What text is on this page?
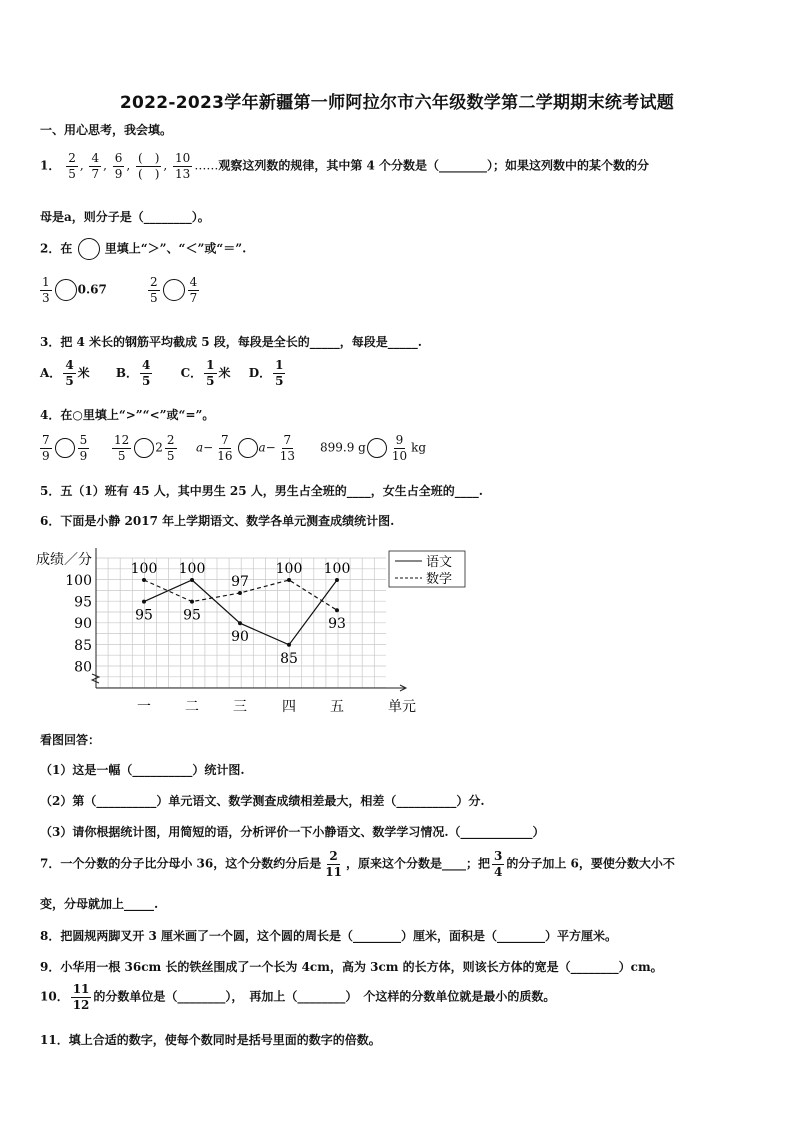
2022-2023学年新疆第一师阿拉尔市六年级数学第二学期期末统考试题
一、用心思考，我会填。
1． $\frac{2}{5}$ , $\frac{4}{7}$ , $\frac{6}{9}$ , $\frac{( )}{( )}$ , $\frac{10}{13}$ ……观察这列数的规律，其中第 4 个分数是（________）；如果这列数中的某个数的分
母是a，则分子是（________）。
2．在	里填上“＞”、“＜”或“＝”.
$\frac{1}{3} 0.67$	$\frac{2}{5} \frac{4}{7}$
3．把 4 米长的钢筋平均截成 5 段，每段是全长的_____，每段是_____.
A． $\frac{4}{5}$ 米 B． $\frac{4}{5}$ C． $\frac{1}{5}$ 米 D． $\frac{1}{5}$
4．在○里填上“>”“<”或“=”。
$\frac{7}{9} \frac{5}{9} \frac{12}{5} 2 \frac{2}{5} a- \frac{7}{16} a- \frac{7}{13} 899.9$ g $\frac{9}{10}$ kg
5．五（1）班有 45 人，其中男生 25 人，男生占全班的____，女生占全班的____.
6．下面是小静 2017 年上学期语文、数学各单元测查成绩统计图.
成绩／分
100
95
90
85
80
一 二 三	四 五	单元
95
100
90
85
100
100
95
97
100
93
语文
数学
看图回答：
（1）这是一幅（__________）统计图.
（2）第（__________）单元语文、数学测查成绩相差最大，相差（__________）分.
（3）请你根据统计图，用简短的语，分析评价一下小静语文、数学学习情况.（____________）
7．一个分数的分子比分母小 36，这个分数约分后是 $\frac{2}{11}$ ，原来这个分数是____；把 $\frac{3}{4}$ 的分子加上 6，要使分数大小不
变，分母就加上_____.
8．把圆规两脚叉开 3 厘米画了一个圆，这个圆的周长是（________）厘米，面积是（________）平方厘米。
9．小华用一根 36cm 长的铁丝围成了一个长为 4cm，高为 3cm 的长方体，则该长方体的宽是（________）cm。
10． $\frac{11}{12}$ 的分数单位是（________），　再加上（________）　个这样的分数单位就是最小的质数。
11．填上合适的数字，使每个数同时是括号里面的数字的倍数。
